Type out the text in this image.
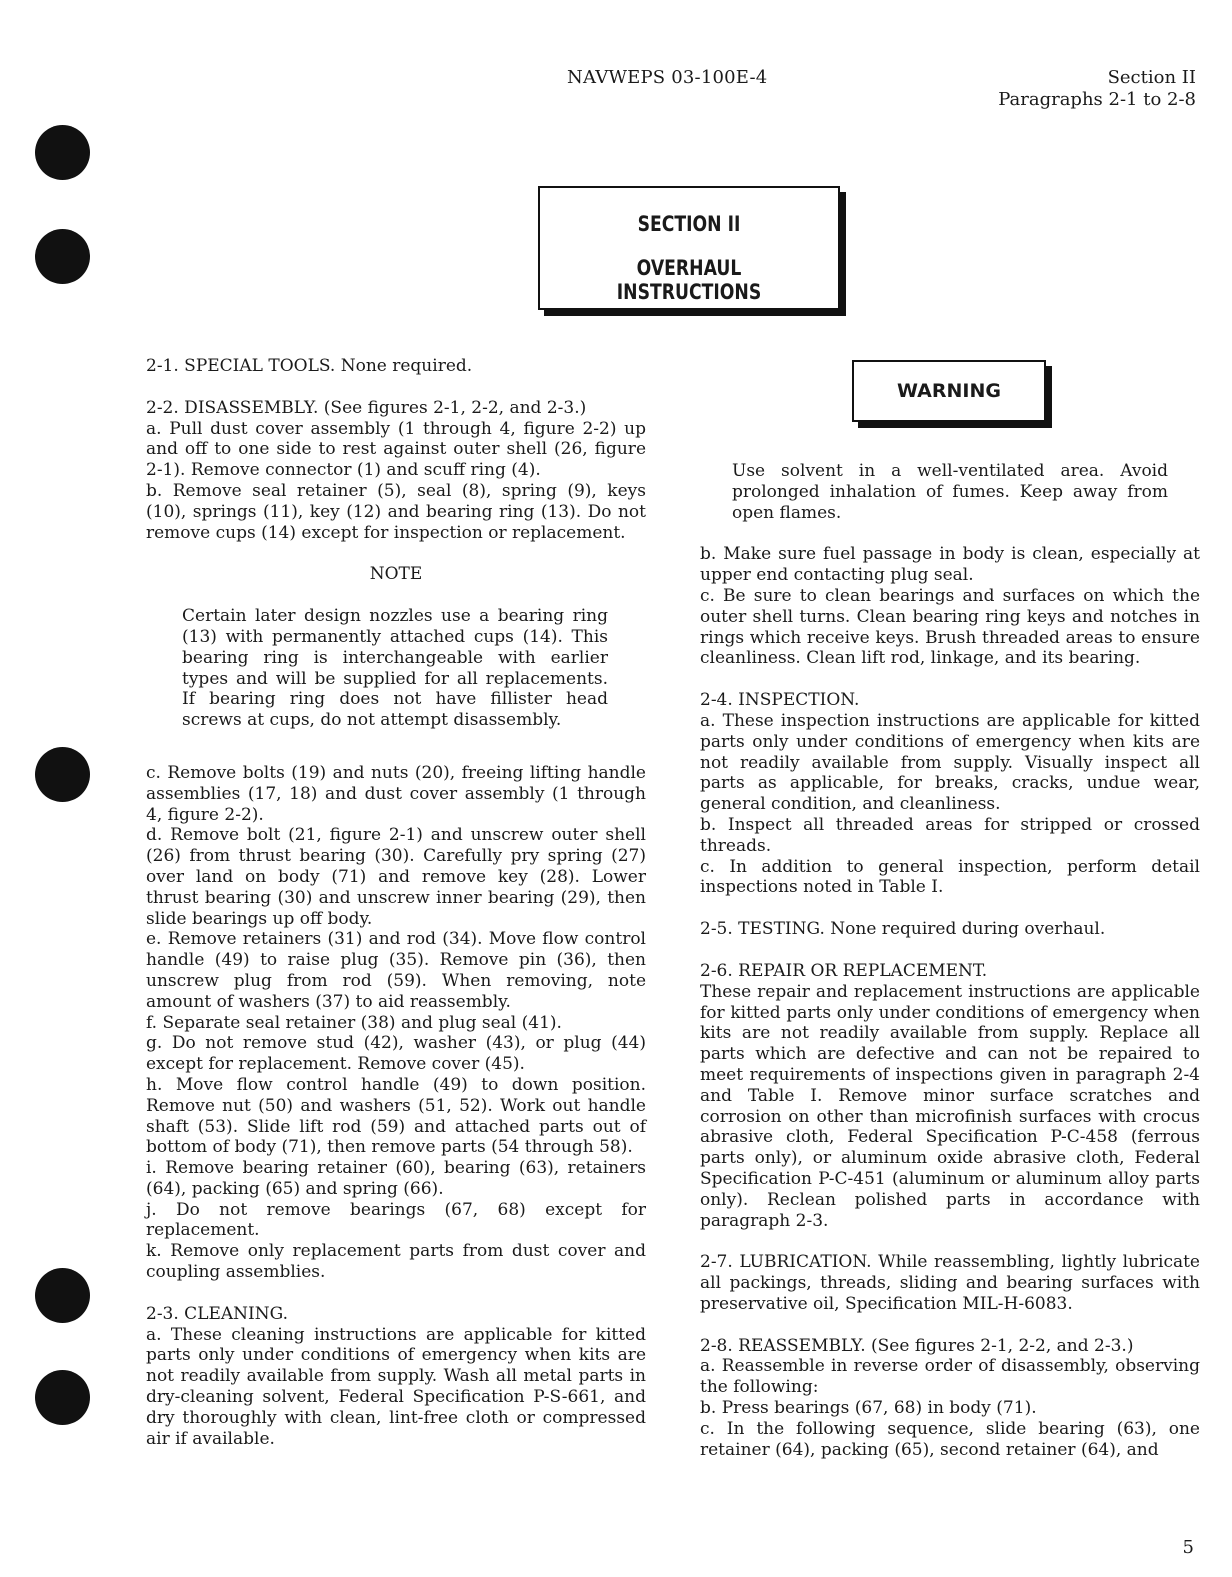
NAVWEPS 03-100E-4	Section II
Paragraphs 2-1 to 2-8
SECTION II
OVERHAUL INSTRUCTIONS
WARNING

2-1. SPECIAL TOOLS. None required.

2-2. DISASSEMBLY. (See figures 2-1, 2-2, and 2-3.)

a. Pull dust cover assembly (1 through 4, figure 2-2) up and off to one side to rest against outer shell (26, figure 2-1). Remove connector (1) and scuff ring (4).

b. Remove seal retainer (5), seal (8), spring (9), keys (10), springs (11), key (12) and bearing ring (13). Do not remove cups (14) except for inspection or replacement.

NOTE

Certain later design nozzles use a bearing ring (13) with permanently attached cups (14). This bearing ring is interchangeable with earlier types and will be supplied for all replacements. If bearing ring does not have fillister head screws at cups, do not attempt disassembly.

c. Remove bolts (19) and nuts (20), freeing lifting handle assemblies (17, 18) and dust cover assembly (1 through 4, figure 2-2).

d. Remove bolt (21, figure 2-1) and unscrew outer shell (26) from thrust bearing (30). Carefully pry spring (27) over land on body (71) and remove key (28). Lower thrust bearing (30) and unscrew inner bearing (29), then slide bearings up off body.

e. Remove retainers (31) and rod (34). Move flow control handle (49) to raise plug (35). Remove pin (36), then unscrew plug from rod (59). When removing, note amount of washers (37) to aid reassembly.

f. Separate seal retainer (38) and plug seal (41).

g. Do not remove stud (42), washer (43), or plug (44) except for replacement. Remove cover (45).

h. Move flow control handle (49) to down position. Remove nut (50) and washers (51, 52). Work out handle shaft (53). Slide lift rod (59) and attached parts out of bottom of body (71), then remove parts (54 through 58).

i. Remove bearing retainer (60), bearing (63), retainers (64), packing (65) and spring (66).

j. Do not remove bearings (67, 68) except for replacement.

k. Remove only replacement parts from dust cover and coupling assemblies.

2-3. CLEANING.

a. These cleaning instructions are applicable for kitted parts only under conditions of emergency when kits are not readily available from supply. Wash all metal parts in dry-cleaning solvent, Federal Specification P-S-661, and dry thoroughly with clean, lint-free cloth or compressed air if available.

Use solvent in a well-ventilated area. Avoid prolonged inhalation of fumes. Keep away from open flames.

b. Make sure fuel passage in body is clean, especially at upper end contacting plug seal.

c. Be sure to clean bearings and surfaces on which the outer shell turns. Clean bearing ring keys and notches in rings which receive keys. Brush threaded areas to ensure cleanliness. Clean lift rod, linkage, and its bearing.

2-4. INSPECTION.

a. These inspection instructions are applicable for kitted parts only under conditions of emergency when kits are not readily available from supply. Visually inspect all parts as applicable, for breaks, cracks, undue wear, general condition, and cleanliness.

b. Inspect all threaded areas for stripped or crossed threads.

c. In addition to general inspection, perform detail inspections noted in Table I.

2-5. TESTING. None required during overhaul.

2-6. REPAIR OR REPLACEMENT.

These repair and replacement instructions are applicable for kitted parts only under conditions of emergency when kits are not readily available from supply. Replace all parts which are defective and can not be repaired to meet requirements of inspections given in paragraph 2-4 and Table I. Remove minor surface scratches and corrosion on other than microfinish surfaces with crocus abrasive cloth, Federal Specification P-C-458 (ferrous parts only), or aluminum oxide abrasive cloth, Federal Specification P-C-451 (aluminum or aluminum alloy parts only). Reclean polished parts in accordance with paragraph 2-3.

2-7. LUBRICATION. While reassembling, lightly lubricate all packings, threads, sliding and bearing surfaces with preservative oil, Specification MIL-H-6083.

2-8. REASSEMBLY. (See figures 2-1, 2-2, and 2-3.)

a. Reassemble in reverse order of disassembly, observing the following:

b. Press bearings (67, 68) in body (71).

c. In the following sequence, slide bearing (63), one retainer (64), packing (65), second retainer (64), and

5
